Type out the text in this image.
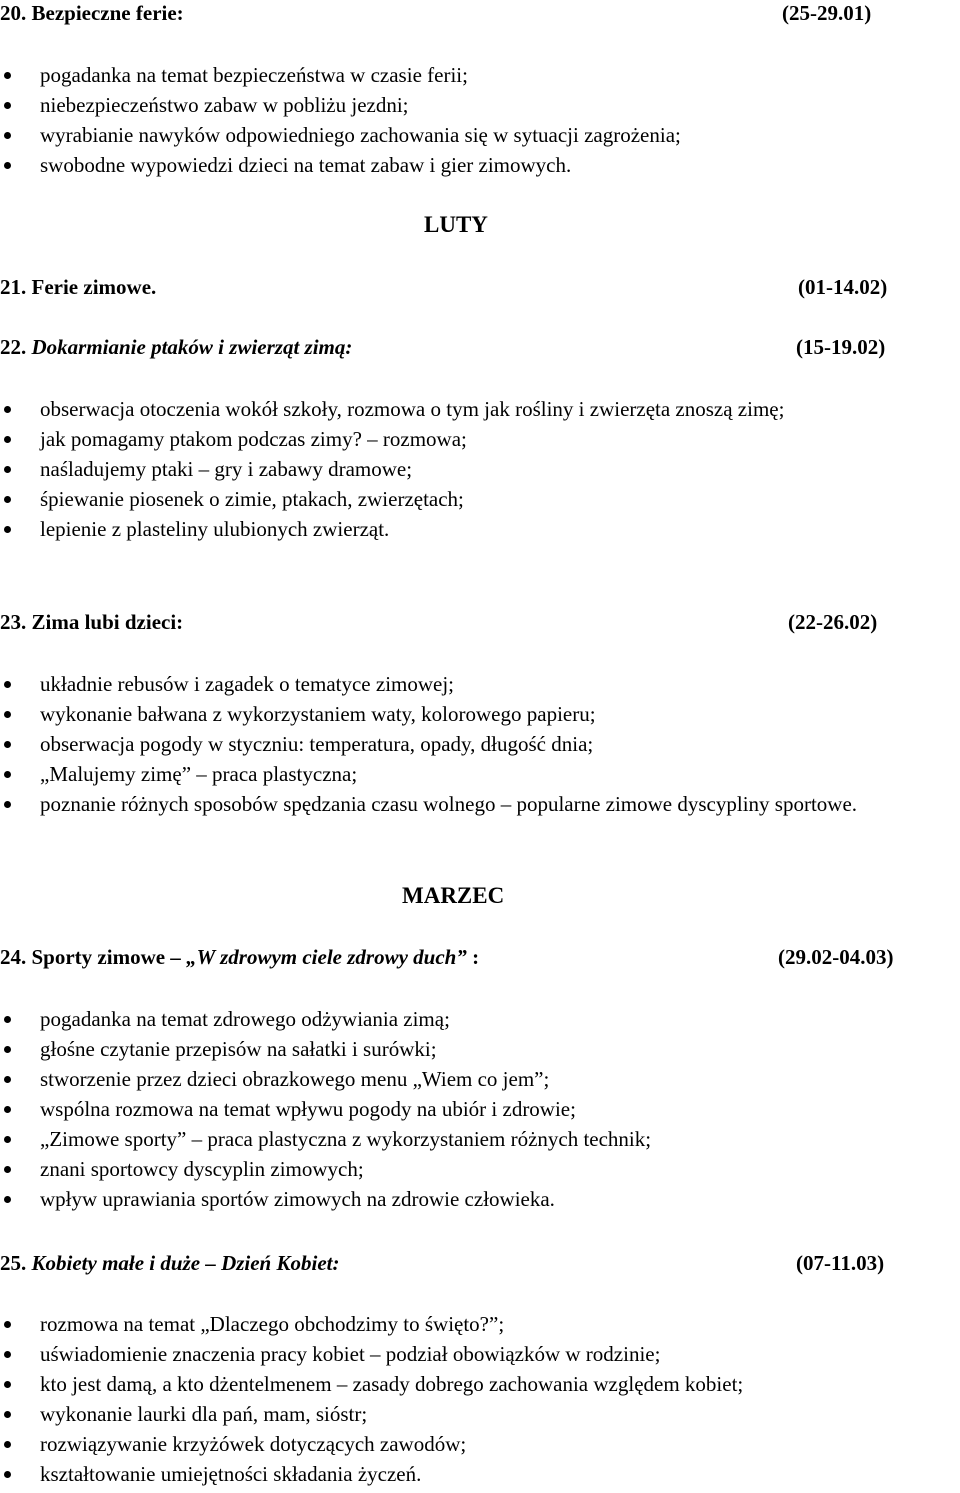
20. Bezpieczne ferie:	(25-29.01)
pogadanka na temat bezpieczeństwa w czasie ferii;
niebezpieczeństwo zabaw w pobliżu jezdni;
wyrabianie nawyków odpowiedniego zachowania się w sytuacji zagrożenia;
swobodne wypowiedzi dzieci na temat zabaw i gier zimowych.
LUTY
21. Ferie zimowe.	(01-14.02)
22. Dokarmianie ptaków i zwierząt zimą:	(15-19.02)
obserwacja otoczenia wokół szkoły, rozmowa o tym jak rośliny i zwierzęta znoszą zimę;
jak pomagamy ptakom podczas zimy? – rozmowa;
naśladujemy ptaki – gry i zabawy dramowe;
śpiewanie piosenek o zimie, ptakach, zwierzętach;
lepienie z plasteliny ulubionych zwierząt.
23. Zima lubi dzieci:	(22-26.02)
układnie rebusów i zagadek o tematyce zimowej;
wykonanie bałwana z wykorzystaniem waty, kolorowego papieru;
obserwacja pogody w styczniu: temperatura, opady, długość dnia;
„Malujemy zimę” – praca plastyczna;
poznanie różnych sposobów spędzania czasu wolnego – popularne zimowe dyscypliny sportowe.
MARZEC
24. Sporty zimowe – „W zdrowym ciele zdrowy duch” :	(29.02-04.03)
pogadanka na temat zdrowego odżywiania zimą;
głośne czytanie przepisów na sałatki i surówki;
stworzenie przez dzieci obrazkowego menu „Wiem co jem”;
wspólna rozmowa na temat wpływu pogody na ubiór i zdrowie;
„Zimowe sporty” – praca plastyczna z wykorzystaniem różnych technik;
znani sportowcy dyscyplin zimowych;
wpływ uprawiania sportów zimowych na zdrowie człowieka.
25. Kobiety małe i duże – Dzień Kobiet:	(07-11.03)
rozmowa na temat „Dlaczego obchodzimy to święto?”;
uświadomienie znaczenia pracy kobiet – podział obowiązków w rodzinie;
kto jest damą, a kto dżentelmenem – zasady dobrego zachowania względem kobiet;
wykonanie laurki dla pań, mam, sióstr;
rozwiązywanie krzyżówek dotyczących zawodów;
kształtowanie umiejętności składania życzeń.
